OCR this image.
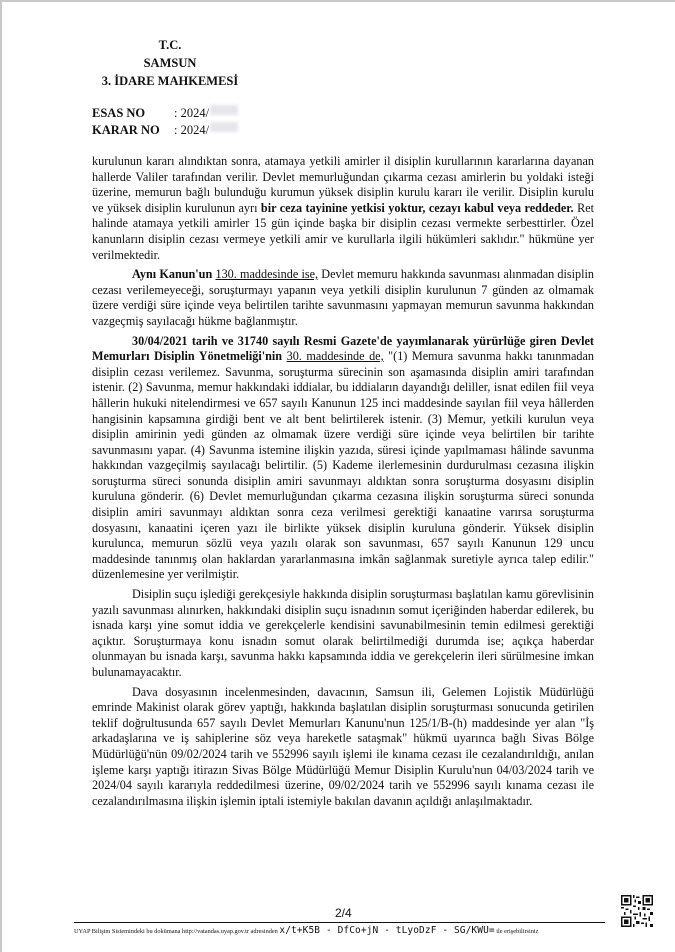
T.C.
SAMSUN
3. İDARE MAHKEMESİ
ESAS NO	: 2024/
KARAR NO	: 2024/

kurulunun kararı alındıktan sonra, atamaya yetkili amirler il disiplin kurullarının kararlarına dayanan hallerde Valiler tarafından verilir. Devlet memurluğundan çıkarma cezası amirlerin bu yoldaki isteği üzerine, memurun bağlı bulunduğu kurumun yüksek disiplin kurulu kararı ile verilir. Disiplin kurulu ve yüksek disiplin kurulunun ayrı bir ceza tayinine yetkisi yoktur, cezayı kabul veya reddeder. Ret halinde atamaya yetkili amirler 15 gün içinde başka bir disiplin cezası vermekte serbesttirler. Özel kanunların disiplin cezası vermeye yetkili amir ve kurullarla ilgili hükümleri saklıdır." hükmüne yer verilmektedir.

Aynı Kanun'un 130. maddesinde ise, Devlet memuru hakkında savunması alınmadan disiplin cezası verilemeyeceği, soruşturmayı yapanın veya yetkili disiplin kurulunun 7 günden az olmamak üzere verdiği süre içinde veya belirtilen tarihte savunmasını yapmayan memurun savunma hakkından vazgeçmiş sayılacağı hükme bağlanmıştır.

30/04/2021 tarih ve 31740 sayılı Resmi Gazete'de yayımlanarak yürürlüğe giren Devlet Memurları Disiplin Yönetmeliği'nin 30. maddesinde de, "(1) Memura savunma hakkı tanınmadan disiplin cezası verilemez. Savunma, soruşturma sürecinin son aşamasında disiplin amiri tarafından istenir. (2) Savunma, memur hakkındaki iddialar, bu iddiaların dayandığı deliller, isnat edilen fiil veya hâllerin hukuki nitelendirmesi ve 657 sayılı Kanunun 125 inci maddesinde sayılan fiil veya hâllerden hangisinin kapsamına girdiği bent ve alt bent belirtilerek istenir. (3) Memur, yetkili kurulun veya disiplin amirinin yedi günden az olmamak üzere verdiği süre içinde veya belirtilen bir tarihte savunmasını yapar. (4) Savunma istemine ilişkin yazıda, süresi içinde yapılmaması hâlinde savunma hakkından vazgeçilmiş sayılacağı belirtilir. (5) Kademe ilerlemesinin durdurulması cezasına ilişkin soruşturma süreci sonunda disiplin amiri savunmayı aldıktan sonra soruşturma dosyasını disiplin kuruluna gönderir. (6) Devlet memurluğundan çıkarma cezasına ilişkin soruşturma süreci sonunda disiplin amiri savunmayı aldıktan sonra ceza verilmesi gerektiği kanaatine varırsa soruşturma dosyasını, kanaatini içeren yazı ile birlikte yüksek disiplin kuruluna gönderir. Yüksek disiplin kurulunca, memurun sözlü veya yazılı olarak son savunması, 657 sayılı Kanunun 129 uncu maddesinde tanınmış olan haklardan yararlanmasına imkân sağlanmak suretiyle ayrıca talep edilir." düzenlemesine yer verilmiştir.

Disiplin suçu işlediği gerekçesiyle hakkında disiplin soruşturması başlatılan kamu görevlisinin yazılı savunması alınırken, hakkındaki disiplin suçu isnadının somut içeriğinden haberdar edilerek, bu isnada karşı yine somut iddia ve gerekçelerle kendisini savunabilmesinin temin edilmesi gerektiği açıktır. Soruşturmaya konu isnadın somut olarak belirtilmediği durumda ise; açıkça haberdar olunmayan bu isnada karşı, savunma hakkı kapsamında iddia ve gerekçelerin ileri sürülmesine imkan bulunamayacaktır.

Dava dosyasının incelenmesinden, davacının, Samsun ili, Gelemen Lojistik Müdürlüğü emrinde Makinist olarak görev yaptığı, hakkında başlatılan disiplin soruşturması sonucunda getirilen teklif doğrultusunda 657 sayılı Devlet Memurları Kanunu'nun 125/1/B-(h) maddesinde yer alan "İş arkadaşlarına ve iş sahiplerine söz veya hareketle sataşmak" hükmü uyarınca bağlı Sivas Bölge Müdürlüğü'nün 09/02/2024 tarih ve 552996 sayılı işlemi ile kınama cezası ile cezalandırıldığı, anılan işleme karşı yaptığı itirazın Sivas Bölge Müdürlüğü Memur Disiplin Kurulu'nun 04/03/2024 tarih ve 2024/04 sayılı kararıyla reddedilmesi üzerine, 09/02/2024 tarih ve 552996 sayılı kınama cezası ile cezalandırılmasına ilişkin işlemin iptali istemiyle bakılan davanın açıldığı anlaşılmaktadır.

2/4
UYAP Bilişim Sistemindeki bu dokümana http://vatandas.uyap.gov.tr adresinden x/t+K5B - DfCo+jN - tLyoDzF - SG/KWU= ile erişebilirsiniz
